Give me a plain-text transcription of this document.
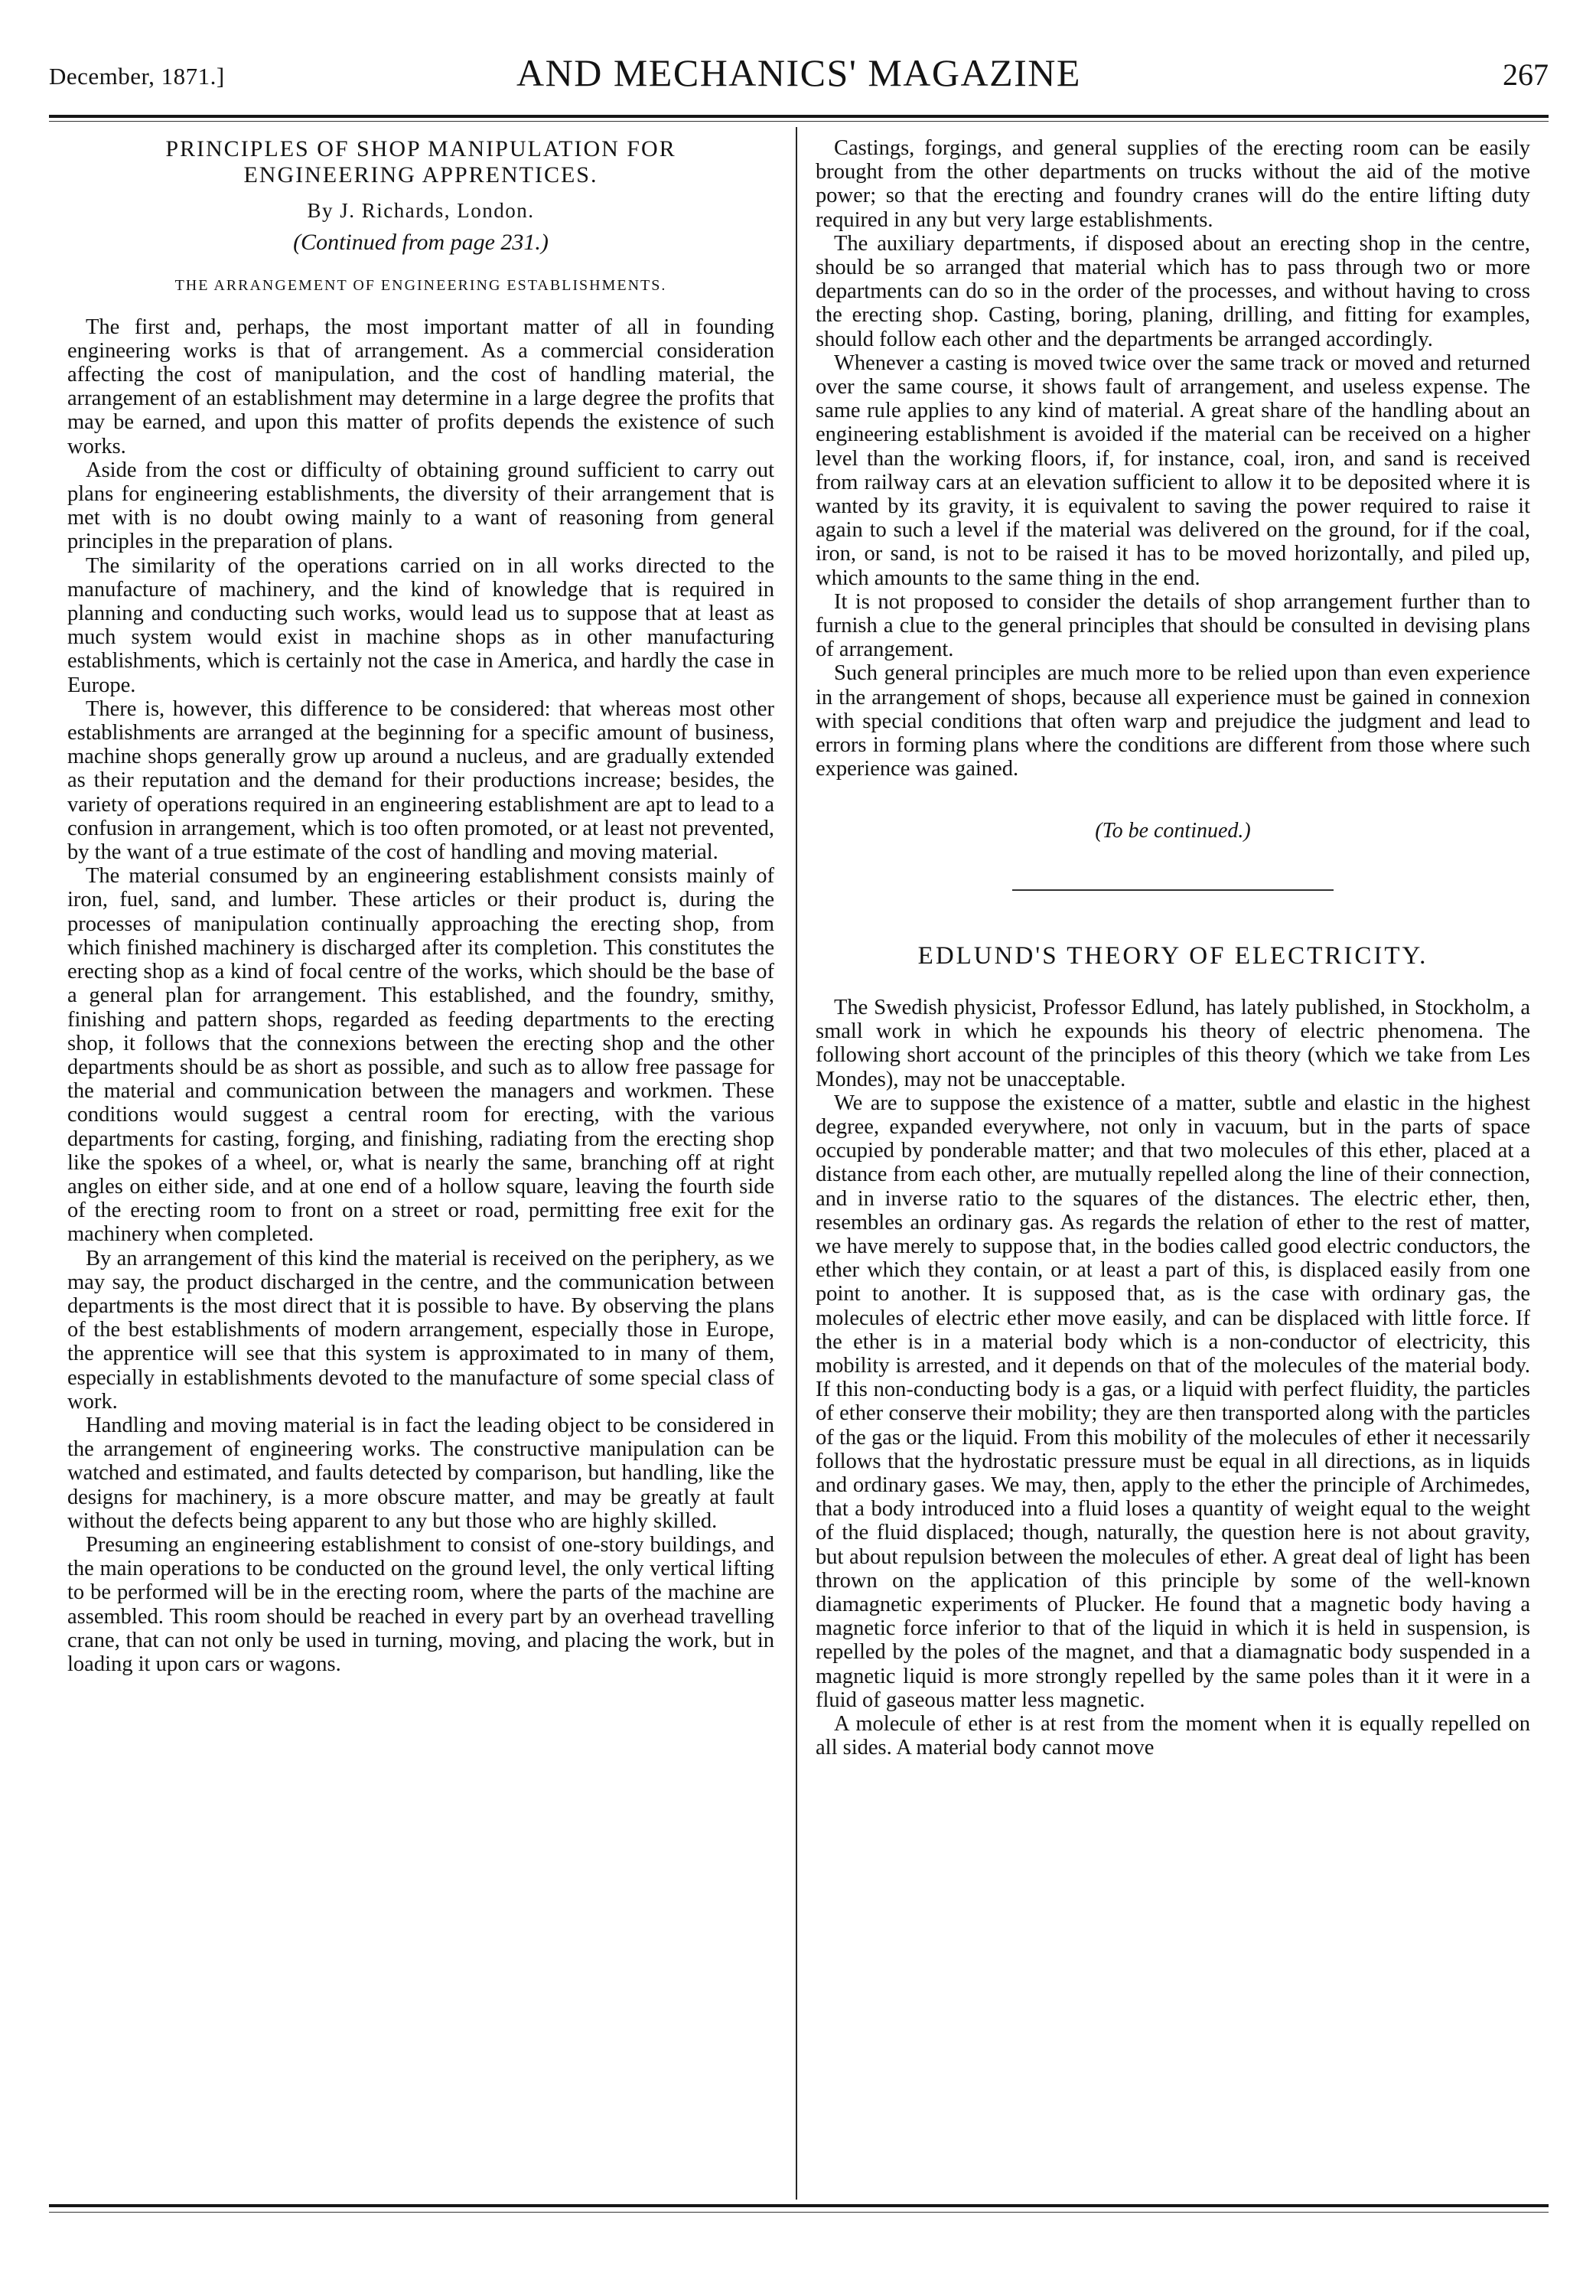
December, 1871.]	AND MECHANICS' MAGAZINE	267

PRINCIPLES OF SHOP MANIPULATION FOR ENGINEERING APPRENTICES.

By J. Richards, London.

(Continued from page 231.)

THE ARRANGEMENT OF ENGINEERING ESTABLISHMENTS.

The first and, perhaps, the most important matter of all in founding engineering works is that of arrangement. As a commercial consideration affecting the cost of manipulation, and the cost of handling material, the arrangement of an establishment may determine in a large degree the profits that may be earned, and upon this matter of profits depends the existence of such works.

Aside from the cost or difficulty of obtaining ground sufficient to carry out plans for engineering establishments, the diversity of their arrangement that is met with is no doubt owing mainly to a want of reasoning from general principles in the preparation of plans.

The similarity of the operations carried on in all works directed to the manufacture of machinery, and the kind of knowledge that is required in planning and conducting such works, would lead us to suppose that at least as much system would exist in machine shops as in other manufacturing establishments, which is certainly not the case in America, and hardly the case in Europe.

There is, however, this difference to be considered: that whereas most other establishments are arranged at the beginning for a specific amount of business, machine shops generally grow up around a nucleus, and are gradually extended as their reputation and the demand for their productions increase; besides, the variety of operations required in an engineering establishment are apt to lead to a confusion in arrangement, which is too often promoted, or at least not prevented, by the want of a true estimate of the cost of handling and moving material.

The material consumed by an engineering establishment consists mainly of iron, fuel, sand, and lumber. These articles or their product is, during the processes of manipulation continually approaching the erecting shop, from which finished machinery is discharged after its completion. This constitutes the erecting shop as a kind of focal centre of the works, which should be the base of a general plan for arrangement. This established, and the foundry, smithy, finishing and pattern shops, regarded as feeding departments to the erecting shop, it follows that the connexions between the erecting shop and the other departments should be as short as possible, and such as to allow free passage for the material and communication between the managers and workmen. These conditions would suggest a central room for erecting, with the various departments for casting, forging, and finishing, radiating from the erecting shop like the spokes of a wheel, or, what is nearly the same, branching off at right angles on either side, and at one end of a hollow square, leaving the fourth side of the erecting room to front on a street or road, permitting free exit for the machinery when completed.

By an arrangement of this kind the material is received on the periphery, as we may say, the product discharged in the centre, and the communication between departments is the most direct that it is possible to have. By observing the plans of the best establishments of modern arrangement, especially those in Europe, the apprentice will see that this system is approximated to in many of them, especially in establishments devoted to the manufacture of some special class of work.

Handling and moving material is in fact the leading object to be considered in the arrangement of engineering works. The constructive manipulation can be watched and estimated, and faults detected by comparison, but handling, like the designs for machinery, is a more obscure matter, and may be greatly at fault without the defects being apparent to any but those who are highly skilled.

Presuming an engineering establishment to consist of one-story buildings, and the main operations to be conducted on the ground level, the only vertical lifting to be performed will be in the erecting room, where the parts of the machine are assembled. This room should be reached in every part by an overhead travelling crane, that can not only be used in turning, moving, and placing the work, but in loading it upon cars or wagons.

Castings, forgings, and general supplies of the erecting room can be easily brought from the other departments on trucks without the aid of the motive power; so that the erecting and foundry cranes will do the entire lifting duty required in any but very large establishments.

The auxiliary departments, if disposed about an erecting shop in the centre, should be so arranged that material which has to pass through two or more departments can do so in the order of the processes, and without having to cross the erecting shop. Casting, boring, planing, drilling, and fitting for examples, should follow each other and the departments be arranged accordingly.

Whenever a casting is moved twice over the same track or moved and returned over the same course, it shows fault of arrangement, and useless expense. The same rule applies to any kind of material. A great share of the handling about an engineering establishment is avoided if the material can be received on a higher level than the working floors, if, for instance, coal, iron, and sand is received from railway cars at an elevation sufficient to allow it to be deposited where it is wanted by its gravity, it is equivalent to saving the power required to raise it again to such a level if the material was delivered on the ground, for if the coal, iron, or sand, is not to be raised it has to be moved horizontally, and piled up, which amounts to the same thing in the end.

It is not proposed to consider the details of shop arrangement further than to furnish a clue to the general principles that should be consulted in devising plans of arrangement.

Such general principles are much more to be relied upon than even experience in the arrangement of shops, because all experience must be gained in connexion with special conditions that often warp and prejudice the judgment and lead to errors in forming plans where the conditions are different from those where such experience was gained.

(To be continued.)

EDLUND'S THEORY OF ELECTRICITY.

The Swedish physicist, Professor Edlund, has lately published, in Stockholm, a small work in which he expounds his theory of electric phenomena. The following short account of the principles of this theory (which we take from Les Mondes), may not be unacceptable.

We are to suppose the existence of a matter, subtle and elastic in the highest degree, expanded everywhere, not only in vacuum, but in the parts of space occupied by ponderable matter; and that two molecules of this ether, placed at a distance from each other, are mutually repelled along the line of their connection, and in inverse ratio to the squares of the distances. The electric ether, then, resembles an ordinary gas. As regards the relation of ether to the rest of matter, we have merely to suppose that, in the bodies called good electric conductors, the ether which they contain, or at least a part of this, is displaced easily from one point to another. It is supposed that, as is the case with ordinary gas, the molecules of electric ether move easily, and can be displaced with little force. If the ether is in a material body which is a non-conductor of electricity, this mobility is arrested, and it depends on that of the molecules of the material body. If this non-conducting body is a gas, or a liquid with perfect fluidity, the particles of ether conserve their mobility; they are then transported along with the particles of the gas or the liquid. From this mobility of the molecules of ether it necessarily follows that the hydrostatic pressure must be equal in all directions, as in liquids and ordinary gases. We may, then, apply to the ether the principle of Archimedes, that a body introduced into a fluid loses a quantity of weight equal to the weight of the fluid displaced; though, naturally, the question here is not about gravity, but about repulsion between the molecules of ether. A great deal of light has been thrown on the application of this principle by some of the well-known diamagnetic experiments of Plucker. He found that a magnetic body having a magnetic force inferior to that of the liquid in which it is held in suspension, is repelled by the poles of the magnet, and that a diamagnatic body suspended in a magnetic liquid is more strongly repelled by the same poles than it it were in a fluid of gaseous matter less magnetic.

A molecule of ether is at rest from the moment when it is equally repelled on all sides. A material body cannot move
